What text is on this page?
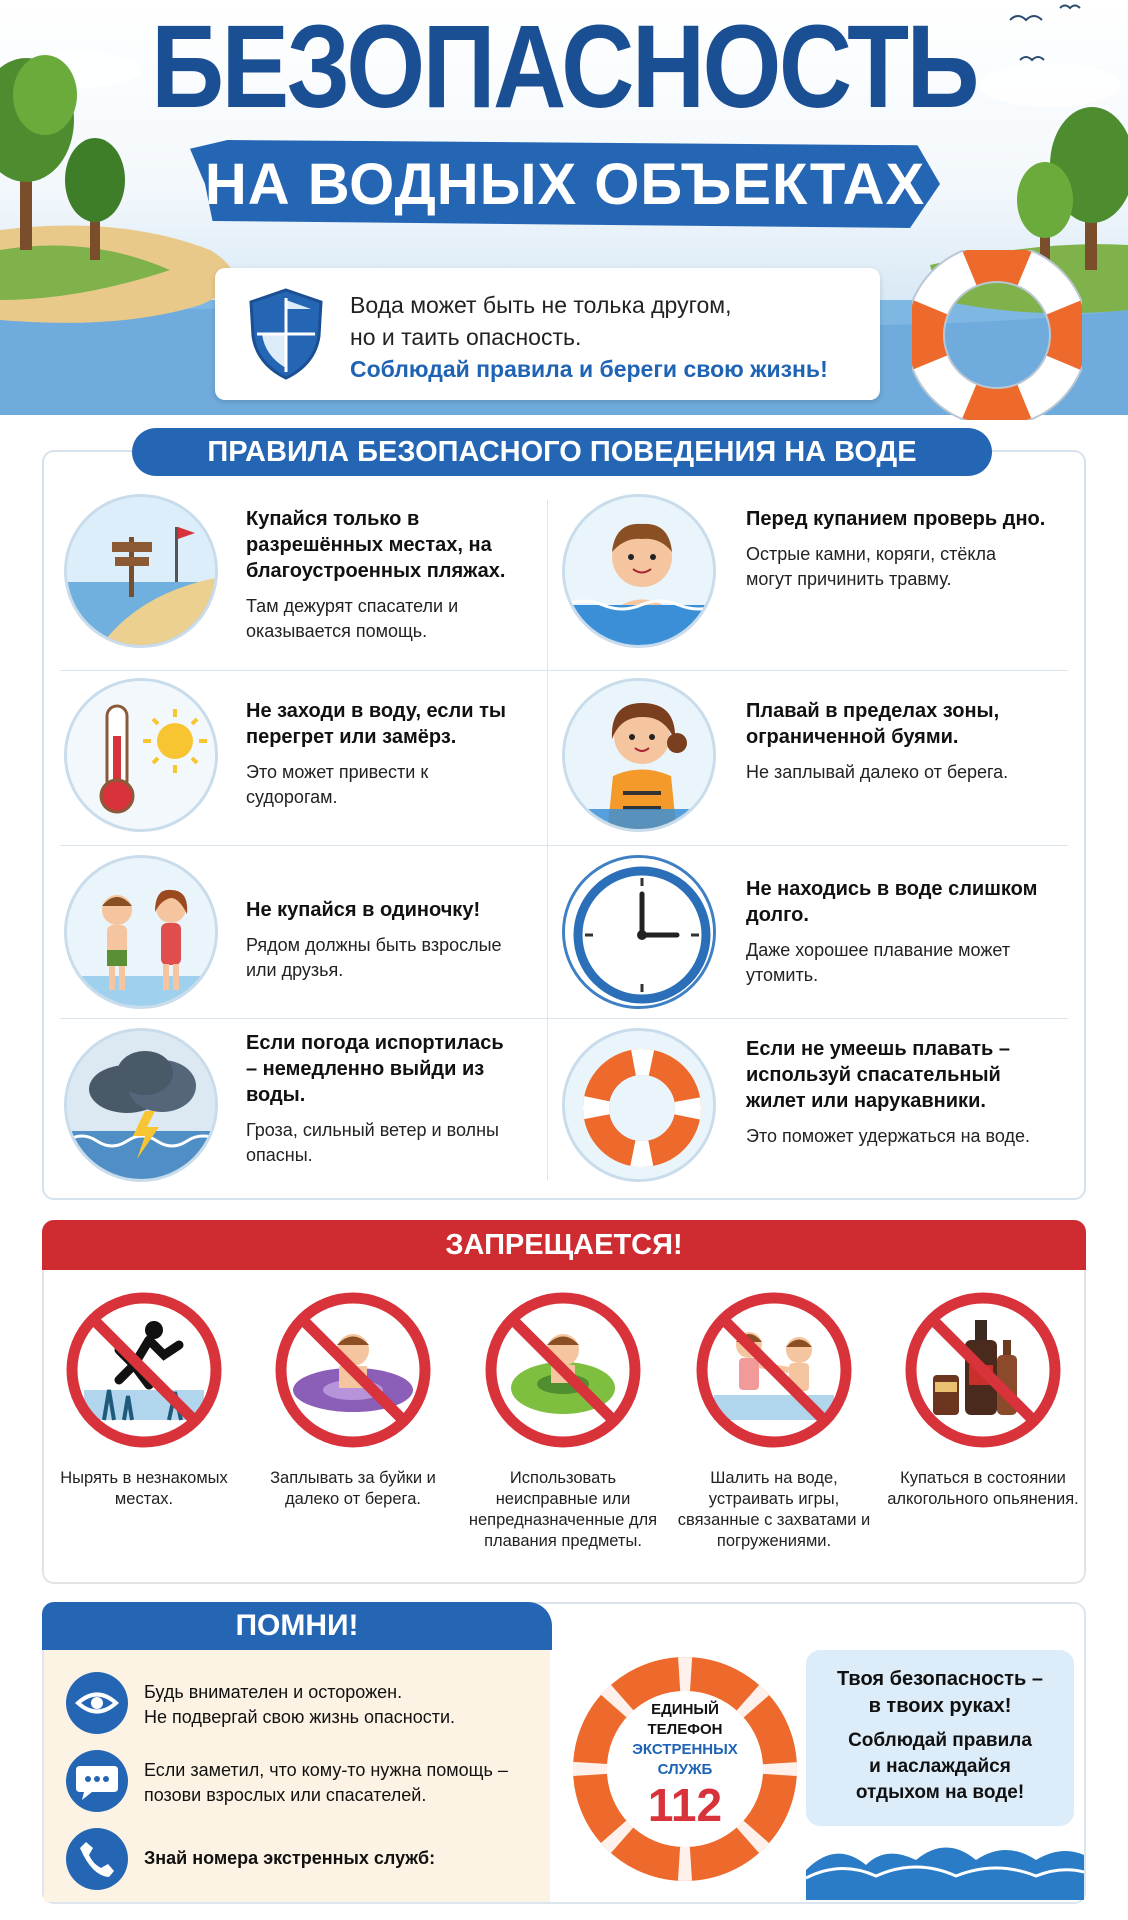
БЕЗОПАСНОСТЬ
НА ВОДНЫХ ОБЪЕКТАХ
Вода может быть не толька другом,
но и таить опасность.
Соблюдай правила и береги свою жизнь!
ПРАВИЛА БЕЗОПАСНОГО ПОВЕДЕНИЯ НА ВОДЕ
Купайся только в разрешённых местах, на благоустроенных пляжах.
Там дежурят спасатели и оказывается помощь.
Перед купанием проверь дно.
Острые камни, коряги, стёкла могут причинить травму.
Не заходи в воду, если ты перегрет или замёрз.
Это может привести к судорогам.
Плавай в пределах зоны, ограниченной буями.
Не заплывай далеко от берега.
Не купайся в одиночку!
Рядом должны быть взрослые или друзья.
Не находись в воде слишком долго.
Даже хорошее плавание может утомить.
Если погода испортилась – немедленно выйди из воды.
Гроза, сильный ветер и волны опасны.
Если не умеешь плавать – используй спасательный жилет или нарукавники.
Это поможет удержаться на воде.
ЗАПРЕЩАЕТСЯ!
Нырять в незнакомых местах.
Заплывать за буйки и далеко от берега.
Использовать неисправные или непредназначенные для плавания предметы.
Шалить на воде, устраивать игры, связанные с захватами и погружениями.
Купаться в состоянии алкогольного опьянения.
ПОМНИ!
Будь внимателен и осторожен.
Не подвергай свою жизнь опасности.
Если заметил, что кому-то нужна помощь –
позови взрослых или спасателей.
Знай номера экстренных служб:
ЕДИНЫЙ
ТЕЛЕФОН
ЭКСТРЕННЫХ
СЛУЖБ
112
Твоя безопасность –
в твоих руках!
Соблюдай правила
и наслаждайся
отдыхом на воде!
